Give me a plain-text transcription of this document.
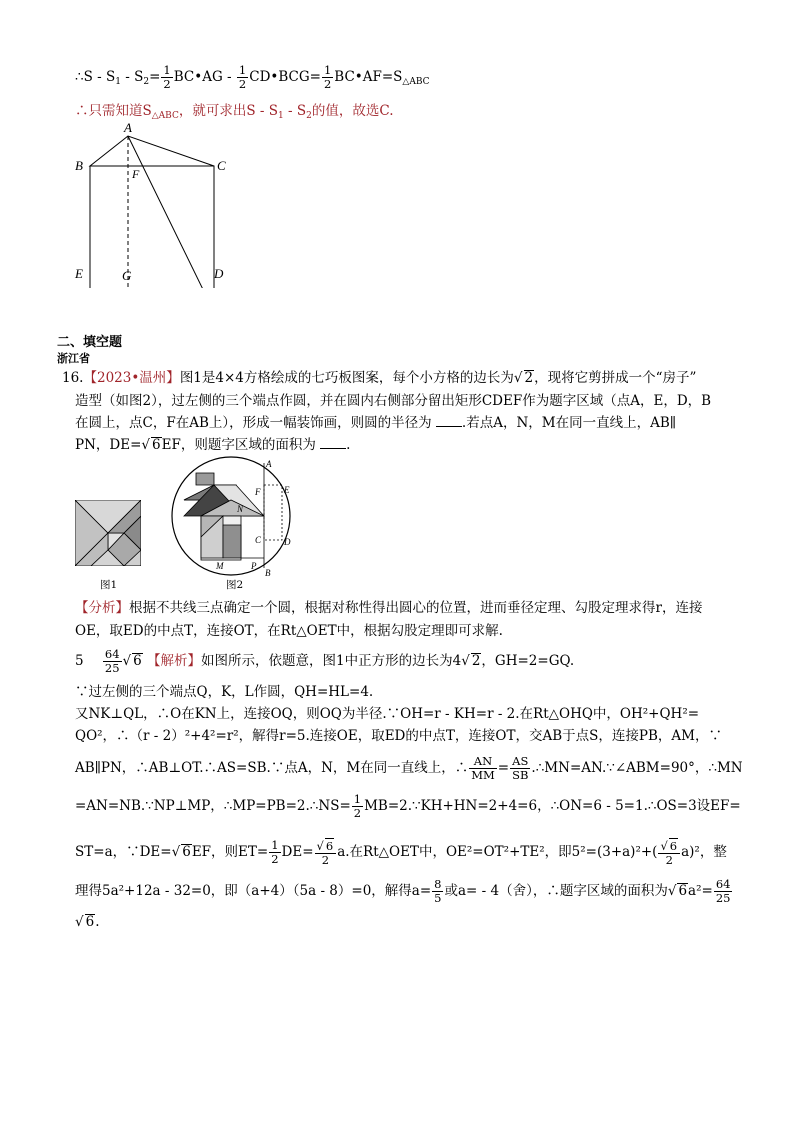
∴S - $S_1 - S_2= \frac{1}{2}$ BC•AG - $\frac{1}{2}$ CD•BCG= $\frac{1}{2}$ $BC•AF=S_{\triangle ABC}$
∴只需知道$S_{\triangle ABC}$，就可求出S - $S_1 - S_2$的值，故选C.
A
B	C
F
E	G	D
二、填空题
浙江省
16.【2023•温州】图1是4×4方格绘成的七巧板图案，每个小方格的边长为√ 2，现将它剪拼成一个“房子”
造型（如图2），过左侧的三个端点作圆，并在圆内右侧部分留出矩形CDEF作为题字区域（点A，E，D，B
在圆上，点C，F在AB上），形成一幅装饰画，则圆的半径为 .若点A，N，M在同一直线上，AB∥
PN，DE=√ 6EF，则题字区域的面积为 .
图1
A
F	E
N
C	D
M	P
B
图2
【分析】根据不共线三点确定一个圆，根据对称性得出圆心的位置，进而垂径定理、勾股定理求得r，连接
OE，取ED的中点T，连接OT，在Rt△OET中，根据勾股定理即可求解.
$5 \frac{64}{25}$ √ 6 【解析】如图所示，依题意，图1中正方形的边长为4√ 2，GH=2=GQ.
∵过左侧的三个端点Q，K，L作圆，QH=HL=4.
又NK⊥QL，∴O在KN上，连接OQ，则OQ为半径.∵OH=r - KH=r - 2.在Rt△OHQ中，OH²+QH²=
QO²，∴（r - 2）²+4²=r²，解得r=5.连接OE，取ED的中点T，连接OT，交AB于点S，连接PB，AM，∵
AB∥PN，∴AB⊥OT.∴AS=SB.∵点A，N，M在同一直线上，∴ $\frac{AN}{MM} = \frac{AS}{SB}$ .∴MN=AN.∵∠ABM=90°，∴MN
=AN=NB.∵NP⊥MP，∴MP=PB=2.∴NS= $\frac{1}{2}$ MB=2.∵KH+HN=2+4=6，∴ON=6 - 5=1.∴OS=3设EF=
ST=a，∵DE=√ 6EF，则$ET= \frac{1}{2} DE= \frac{√ 6}{2} a$.在Rt△OET中，OE²=OT²+TE²，即$5^2=(3+a)^2+( \frac{√ 6}{2} a)^2$，整
理得5a²+12a - 32=0，即（a+4）（5a - 8）=0，解得$a= \frac{8}{5}$ 或a= - 4（舍），∴题字区域的面积为√ $6a^2= \frac{64}{25}$
√ 6.
